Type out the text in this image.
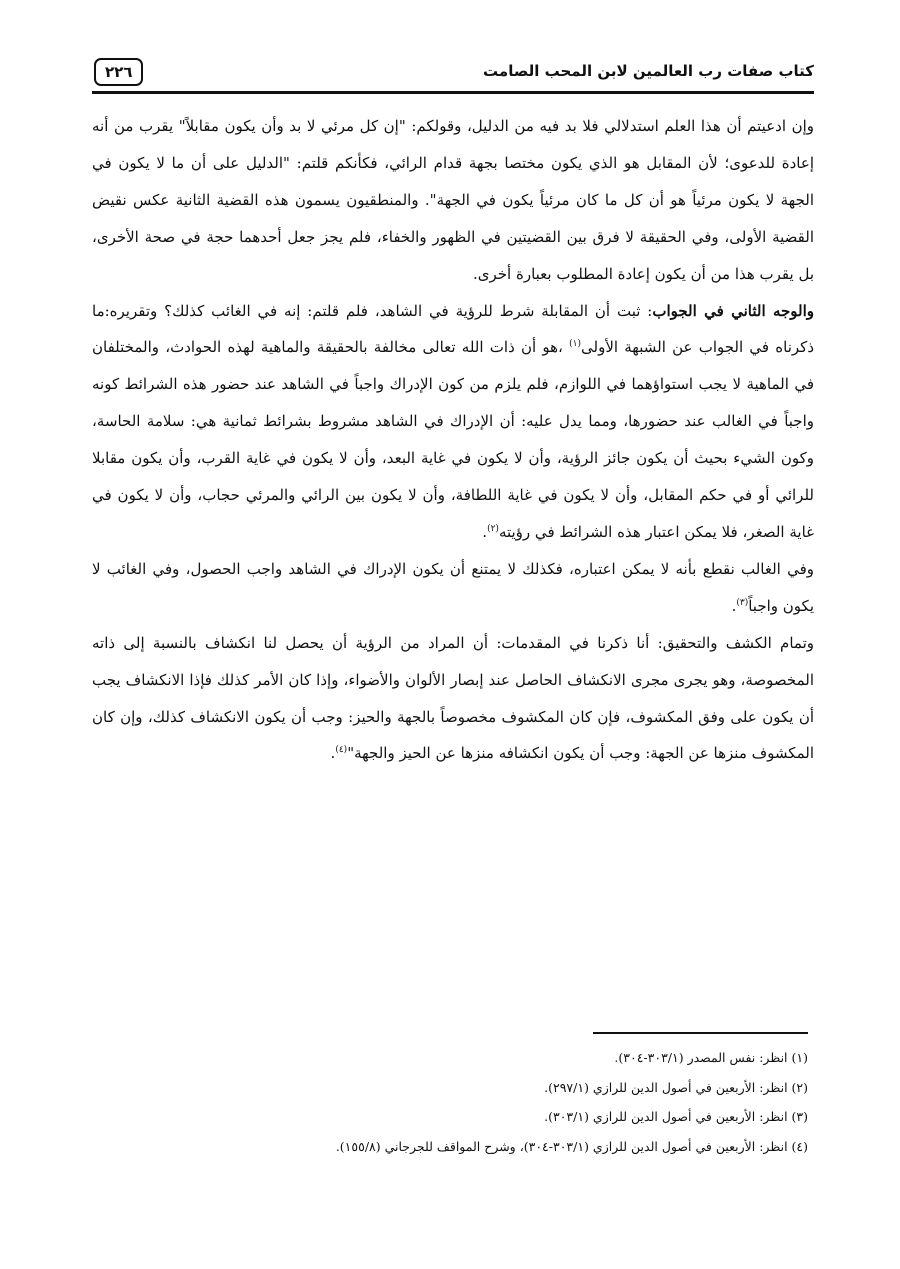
كتاب صفات رب العالمين لابن المحب الصامت
٢٢٦

وإن ادعيتم أن هذا العلم استدلالي فلا بد فيه من الدليل، وقولكم: "إن كل مرئي لا بد وأن يكون مقابلاً" يقرب من أنه إعادة للدعوى؛ لأن المقابل هو الذي يكون مختصا بجهة قدام الرائي، فكأنكم قلتم: "الدليل على أن ما لا يكون في الجهة لا يكون مرئياً هو أن كل ما كان مرئياً يكون في الجهة". والمنطقيون يسمون هذه القضية الثانية عكس نقيض القضية الأولى، وفي الحقيقة لا فرق بين القضيتين في الظهور والخفاء، فلم يجز جعل أحدهما حجة في صحة الأخرى، بل يقرب هذا من أن يكون إعادة المطلوب بعبارة أخرى.

والوجه الثاني في الجواب: ثبت أن المقابلة شرط للرؤية في الشاهد، فلم قلتم: إنه في الغائب كذلك؟ وتقريره:ما ذكرناه في الجواب عن الشبهة الأولى$^{(١)}$ ،هو أن ذات الله تعالى مخالفة بالحقيقة والماهية لهذه الحوادث، والمختلفان في الماهية لا يجب استواؤهما في اللوازم، فلم يلزم من كون الإدراك واجباً في الشاهد عند حضور هذه الشرائط كونه واجباً في الغالب عند حضورها، ومما يدل عليه: أن الإدراك في الشاهد مشروط بشرائط ثمانية هي: سلامة الحاسة، وكون الشيء بحيث أن يكون جائز الرؤية، وأن لا يكون في غاية البعد، وأن لا يكون في غاية القرب، وأن يكون مقابلا للرائي أو في حكم المقابل، وأن لا يكون في غاية اللطافة، وأن لا يكون بين الرائي والمرئي حجاب، وأن لا يكون في غاية الصغر، فلا يمكن اعتبار هذه الشرائط في رؤيته$^{(٢)}$.

وفي الغالب نقطع بأنه لا يمكن اعتباره، فكذلك لا يمتنع أن يكون الإدراك في الشاهد واجب الحصول، وفي الغائب لا يكون واجباً$^{(٣)}$.

وتمام الكشف والتحقيق: أنا ذكرنا في المقدمات: أن المراد من الرؤية أن يحصل لنا انكشاف بالنسبة إلى ذاته المخصوصة، وهو يجرى مجرى الانكشاف الحاصل عند إبصار الألوان والأضواء، وإذا كان الأمر كذلك فإذا الانكشاف يجب أن يكون على وفق المكشوف، فإن كان المكشوف مخصوصاً بالجهة والحيز: وجب أن يكون الانكشاف كذلك، وإن كان المكشوف منزها عن الجهة: وجب أن يكون انكشافه منزها عن الحيز والجهة"$^{(٤)}$.

(١) انظر: نفس المصدر (٣٠٣/١-٣٠٤).

(٢) انظر: الأربعين في أصول الدين للرازي (٢٩٧/١).

(٣) انظر: الأربعين في أصول الدين للرازي (٣٠٣/١).

(٤) انظر: الأربعين في أصول الدين للرازي (٣٠٣/١-٣٠٤)، وشرح المواقف للجرجاني (١٥٥/٨).
